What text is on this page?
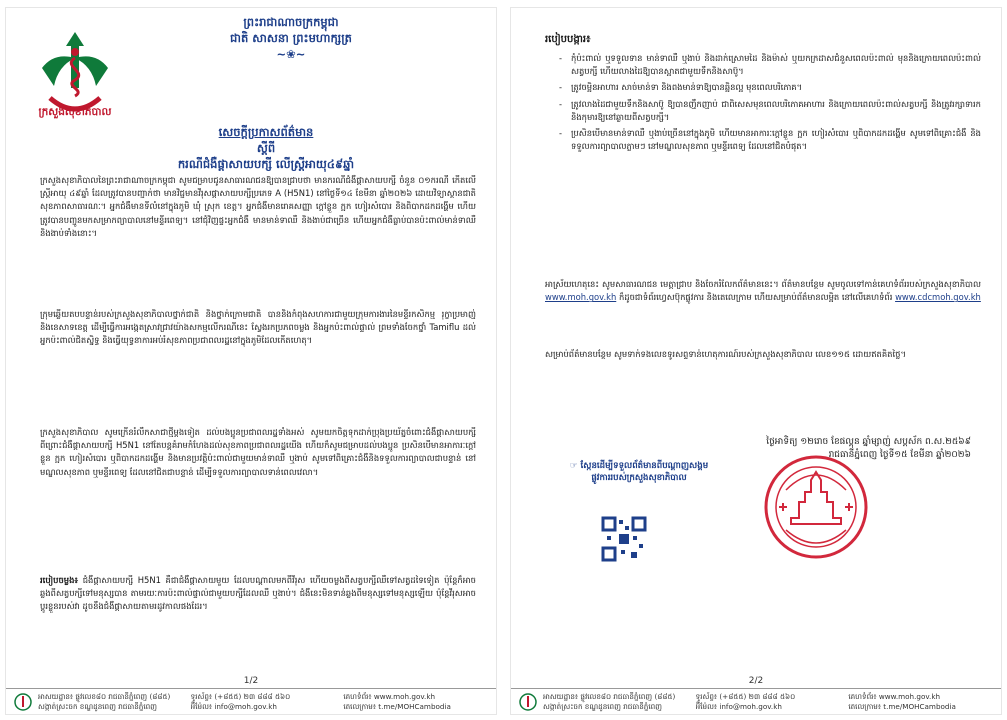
ក្រសួងសុខាភិបាល
ព្រះរាជាណាចក្រកម្ពុជា
ជាតិ សាសនា ព្រះមហាក្សត្រ
~❀~
សេចក្តីប្រកាសព័ត៌មាន
ស្តីពី
ករណីជំងឺផ្តាសាយបក្សី លើស្ត្រីអាយុ៤៩ឆ្នាំ
ក្រសួងសុខាភិបាលនៃព្រះរាជាណាចក្រកម្ពុជា សូមជម្រាបជូនសាធារណជនឱ្យបានជ្រាបថា មានករណីជំងឺផ្តាសាយបក្សី ចំនួន ០១ករណី កើតលើស្ត្រីអាយុ ៤៩ឆ្នាំ ដែលត្រូវបានបញ្ជាក់ថា មានវិជ្ជមានវីរុសផ្តាសាយបក្សីប្រភេទ A (H5N1) នៅថ្ងៃទី១៤ ខែមីនា ឆ្នាំ២០២៦ ដោយវិទ្យាស្ថានជាតិសុខភាពសាធារណៈ។ អ្នកជំងឺមានទីលំនៅក្នុងភូមិ ឃុំ ស្រុក ខេត្ត។ អ្នកជំងឺមានរោគសញ្ញា ក្តៅខ្លួន ក្អក ហៀរសំបោរ និងពិបាកដកដង្ហើម ហើយត្រូវបានបញ្ជូនមកសម្រាកព្យាបាលនៅមន្ទីរពេទ្យ។ នៅជុំវិញផ្ទះអ្នកជំងឺ មានមាន់ទាឈឺ និងងាប់ជាច្រើន ហើយអ្នកជំងឺធ្លាប់បានប៉ះពាល់មាន់ទាឈឺ និងងាប់ទាំងនោះ។
ក្រុមឆ្លើយតបបន្ទាន់របស់ក្រសួងសុខាភិបាលថ្នាក់ជាតិ និងថ្នាក់ក្រោមជាតិ បាននិងកំពុងសហការជាមួយក្រុមការងារនៃមន្ទីរកសិកម្ម រុក្ខាប្រមាញ់ និងនេសាទខេត្ត ដើម្បីធ្វើការអង្កេតស្រាវជ្រាវយ៉ាងសកម្មលើករណីនេះ ស្វែងរកប្រភពចម្លង និងអ្នកប៉ះពាល់ផ្ទាល់ ព្រមទាំងចែកថ្នាំ Tamiflu ដល់អ្នកប៉ះពាល់ជិតស្និទ្ធ និងធ្វើយុទ្ធនាការអប់រំសុខភាពប្រជាពលរដ្ឋនៅក្នុងភូមិដែលកើតហេតុ។
ក្រសួងសុខាភិបាល សូមក្រើនរំលឹកសាជាថ្មីម្តងទៀត ដល់បងប្អូនប្រជាពលរដ្ឋទាំងអស់ សូមយកចិត្តទុកដាក់ប្រុងប្រយ័ត្នចំពោះជំងឺផ្តាសាយបក្សី ពីព្រោះជំងឺផ្តាសាយបក្សី H5N1 នៅតែបន្តគំរាមកំហែងដល់សុខភាពប្រជាពលរដ្ឋយើង ហើយក៏សូមជម្រាបដល់បងប្អូន ប្រសិនបើមានអាការៈក្តៅខ្លួន ក្អក ហៀរសំបោរ ឬពិបាកដកដង្ហើម និងមានប្រវត្តិប៉ះពាល់ជាមួយមាន់ទាឈឺ ឬងាប់ សូមទៅពិគ្រោះជំងឺនិងទទួលការព្យាបាលជាបន្ទាន់ នៅមណ្ឌលសុខភាព ឬមន្ទីរពេទ្យ ដែលនៅជិតជាបន្ទាន់ ដើម្បីទទួលការព្យាបាលទាន់ពេលវេលា។
របៀបចម្លង៖ ជំងឺផ្តាសាយបក្សី H5N1 គឺជាជំងឺផ្តាសាយមួយ ដែលបណ្តាលមកពីវីរុស ហើយចម្លងពីសត្វបក្សីឈឺទៅសត្វដទៃទៀត ប៉ុន្តែក៏អាចឆ្លងពីសត្វបក្សីទៅមនុស្សបាន តាមរយៈការប៉ះពាល់ផ្ទាល់ជាមួយបក្សីដែលឈឺ ឬងាប់។ ជំងឺនេះមិនទាន់ឆ្លងពីមនុស្សទៅមនុស្សឡើយ ប៉ុន្តែវីរុសអាចប្តូរខ្លួនរបស់វា ដូចនឹងជំងឺផ្តាសាយតាមរដូវកាលផងដែរ។
1/2
អាសយដ្ឋាន៖ ផ្លូវលេខ៨០ រាជធានីភ្នំពេញ (៨៨៥)
សង្កាត់ស្រះចក ខណ្ឌដូនពេញ រាជធានីភ្នំពេញ
ទូរស័ព្ទ៖ (+៨៥៥) ២៣ ៨៨៨ ៥៦០
អ៊ីម៉ែល៖ info@moh.gov.kh
គេហទំព័រ៖ www.moh.gov.kh
តេលេក្រាម៖ t.me/MOHCambodia
របៀបបង្ការ៖
- កុំប៉ះពាល់ ឬទទួលទាន មាន់ទាឈឺ ឬងាប់ និងដាក់ស្រោមដៃ និងម៉ាស់ ឬយកក្រដាសជំនួសពេលប៉ះពាល់ មុននិងក្រោយពេលប៉ះពាល់សត្វបក្សី ហើយលាងដៃឱ្យបានស្អាតជាមួយទឹកនិងសាប៊ូ។
- ត្រូវចម្អិនអាហារ សាច់មាន់ទា និងពងមាន់ទាឱ្យបានឆ្អិនល្អ មុនពេលបរិភោគ។
- ត្រូវលាងដៃជាមួយទឹកនិងសាប៊ូ ឱ្យបានញឹកញាប់ ជាពិសេសមុនពេលបរិភោគអាហារ និងក្រោយពេលប៉ះពាល់សត្វបក្សី និងត្រូវរក្សាទារក និងកុមារឱ្យនៅឆ្ងាយពីសត្វបក្សី។
- ប្រសិនបើមានមាន់ទាឈឺ ឬងាប់ច្រើននៅក្នុងភូមិ ហើយមានអាការៈក្តៅខ្លួន ក្អក ហៀរសំបោរ ឬពិបាកដកដង្ហើម សូមទៅពិគ្រោះជំងឺ និងទទួលការព្យាបាលភ្លាមៗ នៅមណ្ឌលសុខភាព ឬមន្ទីរពេទ្យ ដែលនៅជិតបំផុត។
អាស្រ័យហេតុនេះ សូមសាធារណជន មេត្តាជ្រាប និងចែករំលែកព័ត៌មាននេះ។ ព័ត៌មានបន្ថែម សូមចូលទៅកាន់គេហទំព័ររបស់ក្រសួងសុខាភិបាល www.moh.gov.kh ក៏ដូចជាទំព័រហ្វេសប៊ុកផ្លូវការ និងតេលេក្រាម ហើយសម្រាប់ព័ត៌មានលម្អិត នៅលើគេហទំព័រ www.cdcmoh.gov.kh
សម្រាប់ព័ត៌មានបន្ថែម សូមទាក់ទងលេខទូរសព្ទទាន់ហេតុការណ៍របស់ក្រសួងសុខាភិបាល លេខ១១៥ ដោយឥតគិតថ្លៃ។
ថ្ងៃអាទិត្យ ១២រោច ខែផល្គុន ឆ្នាំម្សាញ់ សប្តស័ក ព.ស.២៥៦៩
រាជធានីភ្នំពេញ ថ្ងៃទី១៥ ខែមីនា ឆ្នាំ២០២៦
☞ ស្កែនដើម្បីទទួលព័ត៌មានពីបណ្តាញសង្គមផ្លូវការរបស់ក្រសួងសុខាភិបាល
2/2
អាសយដ្ឋាន៖ ផ្លូវលេខ៨០ រាជធានីភ្នំពេញ (៨៨៥)
សង្កាត់ស្រះចក ខណ្ឌដូនពេញ រាជធានីភ្នំពេញ
ទូរស័ព្ទ៖ (+៨៥៥) ២៣ ៨៨៨ ៥៦០
អ៊ីម៉ែល៖ info@moh.gov.kh
គេហទំព័រ៖ www.moh.gov.kh
តេលេក្រាម៖ t.me/MOHCambodia
